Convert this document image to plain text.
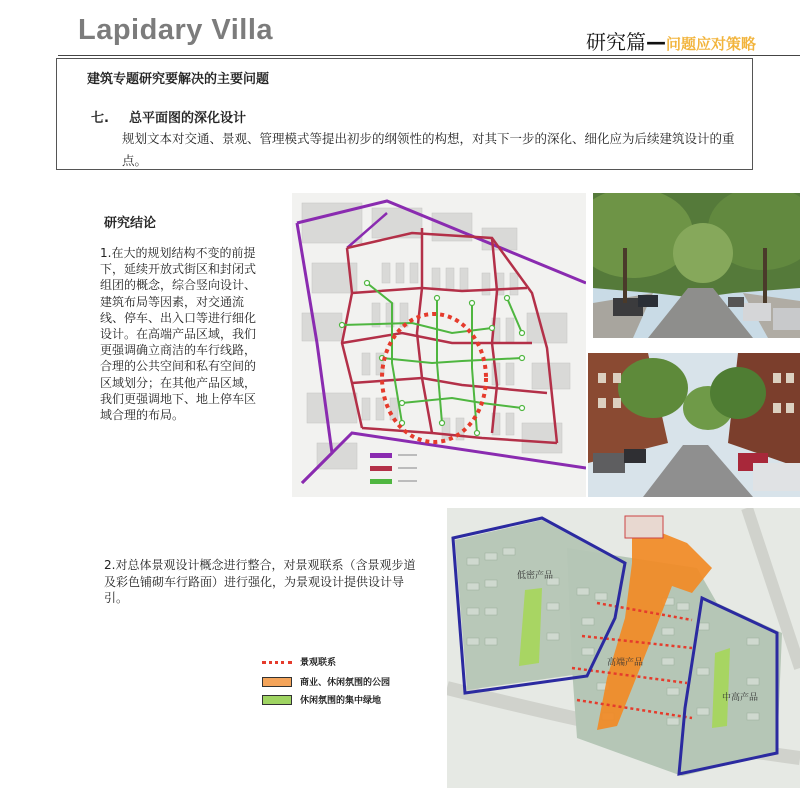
Lapidary Villa	研究篇—问题应对策略
建筑专题研究要解决的主要问题
七. 总平面图的深化设计
规划文本对交通、景观、管理模式等提出初步的纲领性的构想，对其下一步的深化、细化应为后续建筑设计的重点。
研究结论
1.在大的规划结构不变的前提下，延续开放式街区和封闭式组团的概念，综合竖向设计、建筑布局等因素，对交通流线、停车、出入口等进行细化设计。在高端产品区域，我们更强调确立商洁的车行线路，合理的公共空间和私有空间的区域划分；在其他产品区域，我们更强调地下、地上停车区域合理的布局。
2.对总体景观设计概念进行整合，对景观联系（含景观步道及彩色铺砌车行路面）进行强化，为景观设计提供设计导引。
低密产品
高端产品
中高产品
景观联系
商业、休闲氛围的公园
休闲氛围的集中绿地
